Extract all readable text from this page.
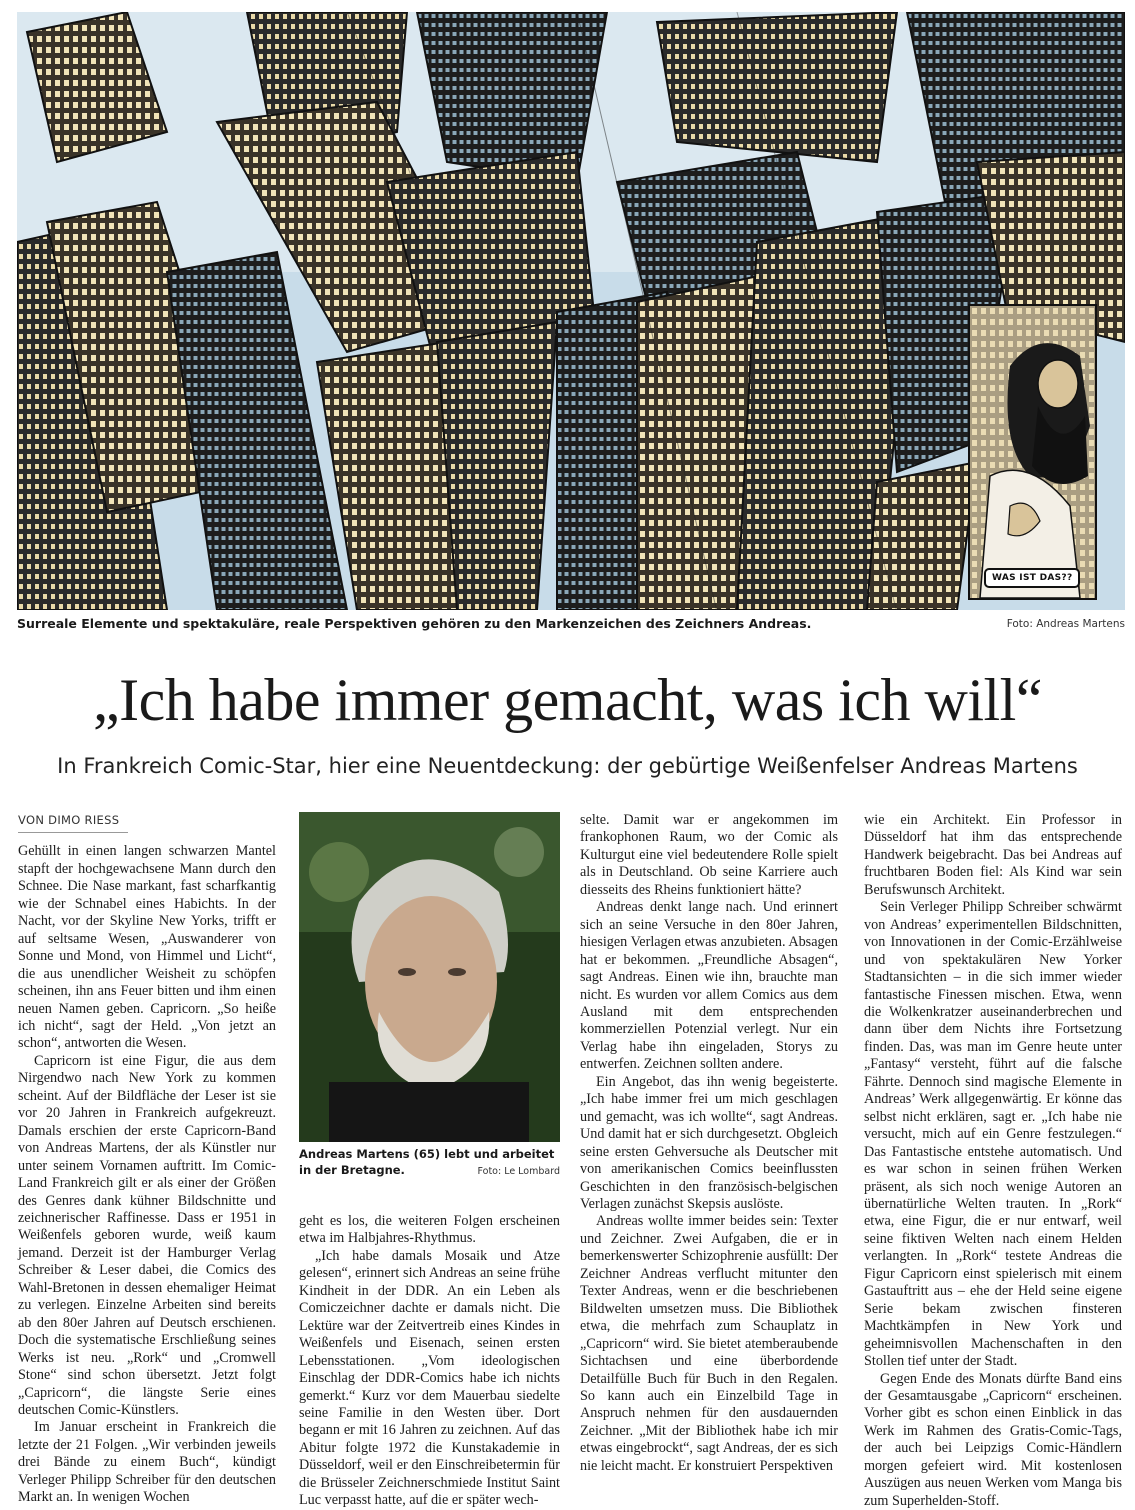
WAS IST DAS??
Surreale Elemente und spektakuläre, reale Perspektiven gehören zu den Markenzeichen des Zeichners Andreas.	Foto: Andreas Martens
„Ich habe immer gemacht, was ich will“
In Frankreich Comic-Star, hier eine Neuentdeckung: der gebürtige Weißenfelser Andreas Martens
VON DIMO RIESS

Gehüllt in einen langen schwarzen Mantel stapft der hochgewachsene Mann durch den Schnee. Die Nase markant, fast scharfkantig wie der Schnabel eines Habichts. In der Nacht, vor der Skyline New Yorks, trifft er auf seltsame Wesen, „Auswanderer von Sonne und Mond, von Himmel und Licht“, die aus unendlicher Weisheit zu schöpfen scheinen, ihn ans Feuer bitten und ihm einen neuen Namen geben. Capricorn. „So heiße ich nicht“, sagt der Held. „Von jetzt an schon“, antworten die Wesen.

Capricorn ist eine Figur, die aus dem Nirgendwo nach New York zu kommen scheint. Auf der Bildfläche der Leser ist sie vor 20 Jahren in Frankreich aufgekreuzt. Damals erschien der erste Capricorn-Band von Andreas Martens, der als Künstler nur unter seinem Vornamen auftritt. Im Comic-Land Frankreich gilt er als einer der Größen des Genres dank kühner Bildschnitte und zeichnerischer Raffinesse. Dass er 1951 in Weißenfels geboren wurde, weiß kaum jemand. Derzeit ist der Hamburger Verlag Schreiber & Leser dabei, die Comics des Wahl-Bretonen in dessen ehemaliger Heimat zu verlegen. Einzelne Arbeiten sind bereits ab den 80er Jahren auf Deutsch erschienen. Doch die systematische Erschließung seines Werks ist neu. „Rork“ und „Cromwell Stone“ sind schon übersetzt. Jetzt folgt „Capricorn“, die längste Serie eines deutschen Comic-Künstlers.

Im Januar erscheint in Frankreich die letzte der 21 Folgen. „Wir verbinden jeweils drei Bände zu einem Buch“, kündigt Verleger Philipp Schreiber für den deutschen Markt an. In wenigen Wochen

Andreas Martens (65) lebt und arbeitet in der Bretagne.	Foto: Le Lombard

geht es los, die weiteren Folgen erscheinen etwa im Halbjahres-Rhythmus.

„Ich habe damals Mosaik und Atze gelesen“, erinnert sich Andreas an seine frühe Kindheit in der DDR. An ein Leben als Comiczeichner dachte er damals nicht. Die Lektüre war der Zeitvertreib eines Kindes in Weißenfels und Eisenach, seinen ersten Lebensstationen. „Vom ideologischen Einschlag der DDR-Comics habe ich nichts gemerkt.“ Kurz vor dem Mauerbau siedelte seine Familie in den Westen über. Dort begann er mit 16 Jahren zu zeichnen. Auf das Abitur folgte 1972 die Kunstakademie in Düsseldorf, weil er den Einschreibetermin für die Brüsseler Zeichnerschmiede Institut Saint Luc verpasst hatte, auf die er später wech-

selte. Damit war er angekommen im frankophonen Raum, wo der Comic als Kulturgut eine viel bedeutendere Rolle spielt als in Deutschland. Ob seine Karriere auch diesseits des Rheins funktioniert hätte?

Andreas denkt lange nach. Und erinnert sich an seine Versuche in den 80er Jahren, hiesigen Verlagen etwas anzubieten. Absagen hat er bekommen. „Freundliche Absagen“, sagt Andreas. Einen wie ihn, brauchte man nicht. Es wurden vor allem Comics aus dem Ausland mit dem entsprechenden kommerziellen Potenzial verlegt. Nur ein Verlag habe ihn eingeladen, Storys zu entwerfen. Zeichnen sollten andere.

Ein Angebot, das ihn wenig begeisterte. „Ich habe immer frei um mich geschlagen und gemacht, was ich wollte“, sagt Andreas. Und damit hat er sich durchgesetzt. Obgleich seine ersten Gehversuche als Deutscher mit von amerikanischen Comics beeinflussten Geschichten in den französisch-belgischen Verlagen zunächst Skepsis auslöste.

Andreas wollte immer beides sein: Texter und Zeichner. Zwei Aufgaben, die er in bemerkenswerter Schizophrenie ausfüllt: Der Zeichner Andreas verflucht mitunter den Texter Andreas, wenn er die beschriebenen Bildwelten umsetzen muss. Die Bibliothek etwa, die mehrfach zum Schauplatz in „Capricorn“ wird. Sie bietet atemberaubende Sichtachsen und eine überbordende Detailfülle Buch für Buch in den Regalen. So kann auch ein Einzelbild Tage in Anspruch nehmen für den ausdauernden Zeichner. „Mit der Bibliothek habe ich mir etwas eingebrockt“, sagt Andreas, der es sich nie leicht macht. Er konstruiert Perspektiven

wie ein Architekt. Ein Professor in Düsseldorf hat ihm das entsprechende Handwerk beigebracht. Das bei Andreas auf fruchtbaren Boden fiel: Als Kind war sein Berufswunsch Architekt.

Sein Verleger Philipp Schreiber schwärmt von Andreas’ experimentellen Bildschnitten, von Innovationen in der Comic-Erzählweise und von spektakulären New Yorker Stadtansichten – in die sich immer wieder fantastische Finessen mischen. Etwa, wenn die Wolkenkratzer auseinanderbrechen und dann über dem Nichts ihre Fortsetzung finden. Das, was man im Genre heute unter „Fantasy“ versteht, führt auf die falsche Fährte. Dennoch sind magische Elemente in Andreas’ Werk allgegenwärtig. Er könne das selbst nicht erklären, sagt er. „Ich habe nie versucht, mich auf ein Genre festzulegen.“ Das Fantastische entstehe automatisch. Und es war schon in seinen frühen Werken präsent, als sich noch wenige Autoren an übernatürliche Welten trauten. In „Rork“ etwa, eine Figur, die er nur entwarf, weil seine fiktiven Welten nach einem Helden verlangten. In „Rork“ testete Andreas die Figur Capricorn einst spielerisch mit einem Gastauftritt aus – ehe der Held seine eigene Serie bekam zwischen finsteren Machtkämpfen in New York und geheimnisvollen Machenschaften in den Stollen tief unter der Stadt.

Gegen Ende des Monats dürfte Band eins der Gesamtausgabe „Capricorn“ erscheinen. Vorher gibt es schon einen Einblick in das Werk im Rahmen des Gratis-Comic-Tags, der auch bei Leipzigs Comic-Händlern morgen gefeiert wird. Mit kostenlosen Auszügen aus neuen Werken vom Manga bis zum Superhelden-Stoff.
